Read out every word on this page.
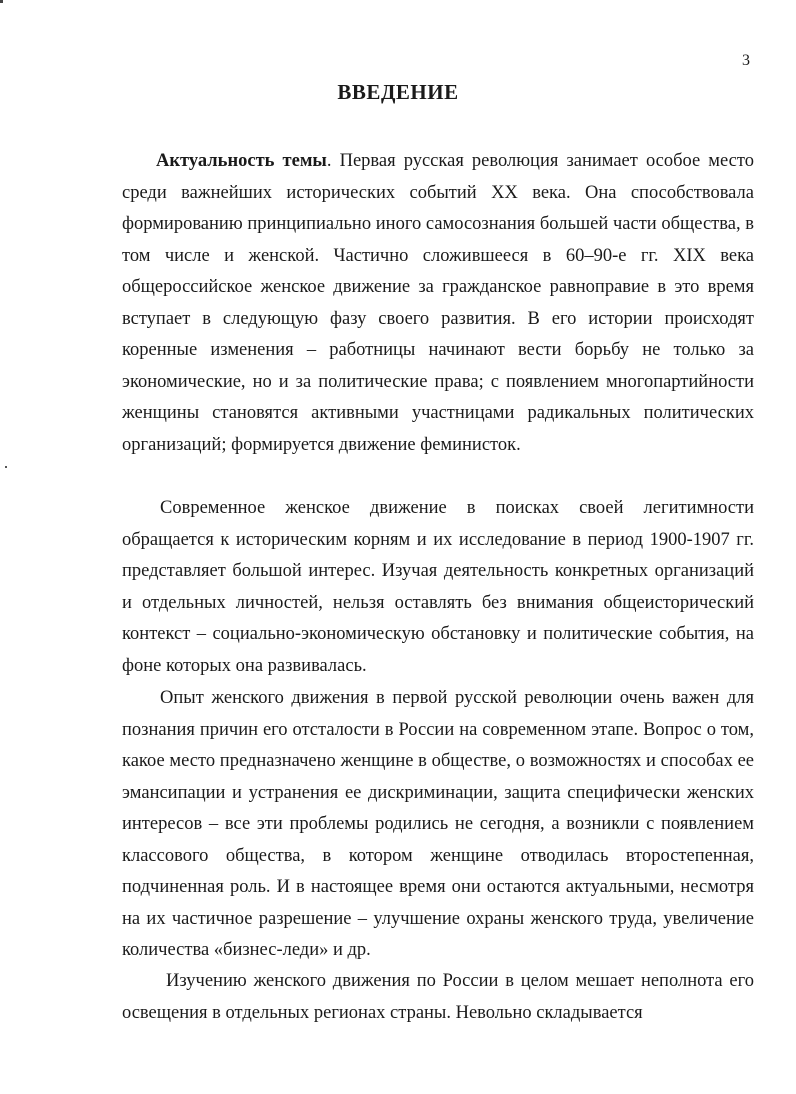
3
ВВЕДЕНИЕ

Актуальность темы. Первая русская революция занимает особое место среди важнейших исторических событий XX века. Она способствовала формированию принципиально иного самосознания большей части общества, в том числе и женской. Частично сложившееся в 60–90-е гг. XIX века общероссийское женское движение за гражданское равноправие в это время вступает в следующую фазу своего развития. В его истории происходят коренные изменения – работницы начинают вести борьбу не только за экономические, но и за политические права; с появлением многопартийности женщины становятся активными участницами радикальных политических организаций; формируется движение феминисток.

Современное женское движение в поисках своей легитимности обращается к историческим корням и их исследование в период 1900-1907 гг. представляет большой интерес. Изучая деятельность конкретных организаций и отдельных личностей, нельзя оставлять без внимания общеисторический контекст – социально-экономическую обстановку и политические события, на фоне которых она развивалась.

Опыт женского движения в первой русской революции очень важен для познания причин его отсталости в России на современном этапе. Вопрос о том, какое место предназначено женщине в обществе, о возможностях и способах ее эмансипации и устранения ее дискриминации, защита специфически женских интересов – все эти проблемы родились не сегодня, а возникли с появлением классового общества, в котором женщине отводилась второстепенная, подчиненная роль. И в настоящее время они остаются актуальными, несмотря на их частичное разрешение – улучшение охраны женского труда, увеличение количества «бизнес-леди» и др.

Изучению женского движения по России в целом мешает неполнота его освещения в отдельных регионах страны. Невольно складывается
